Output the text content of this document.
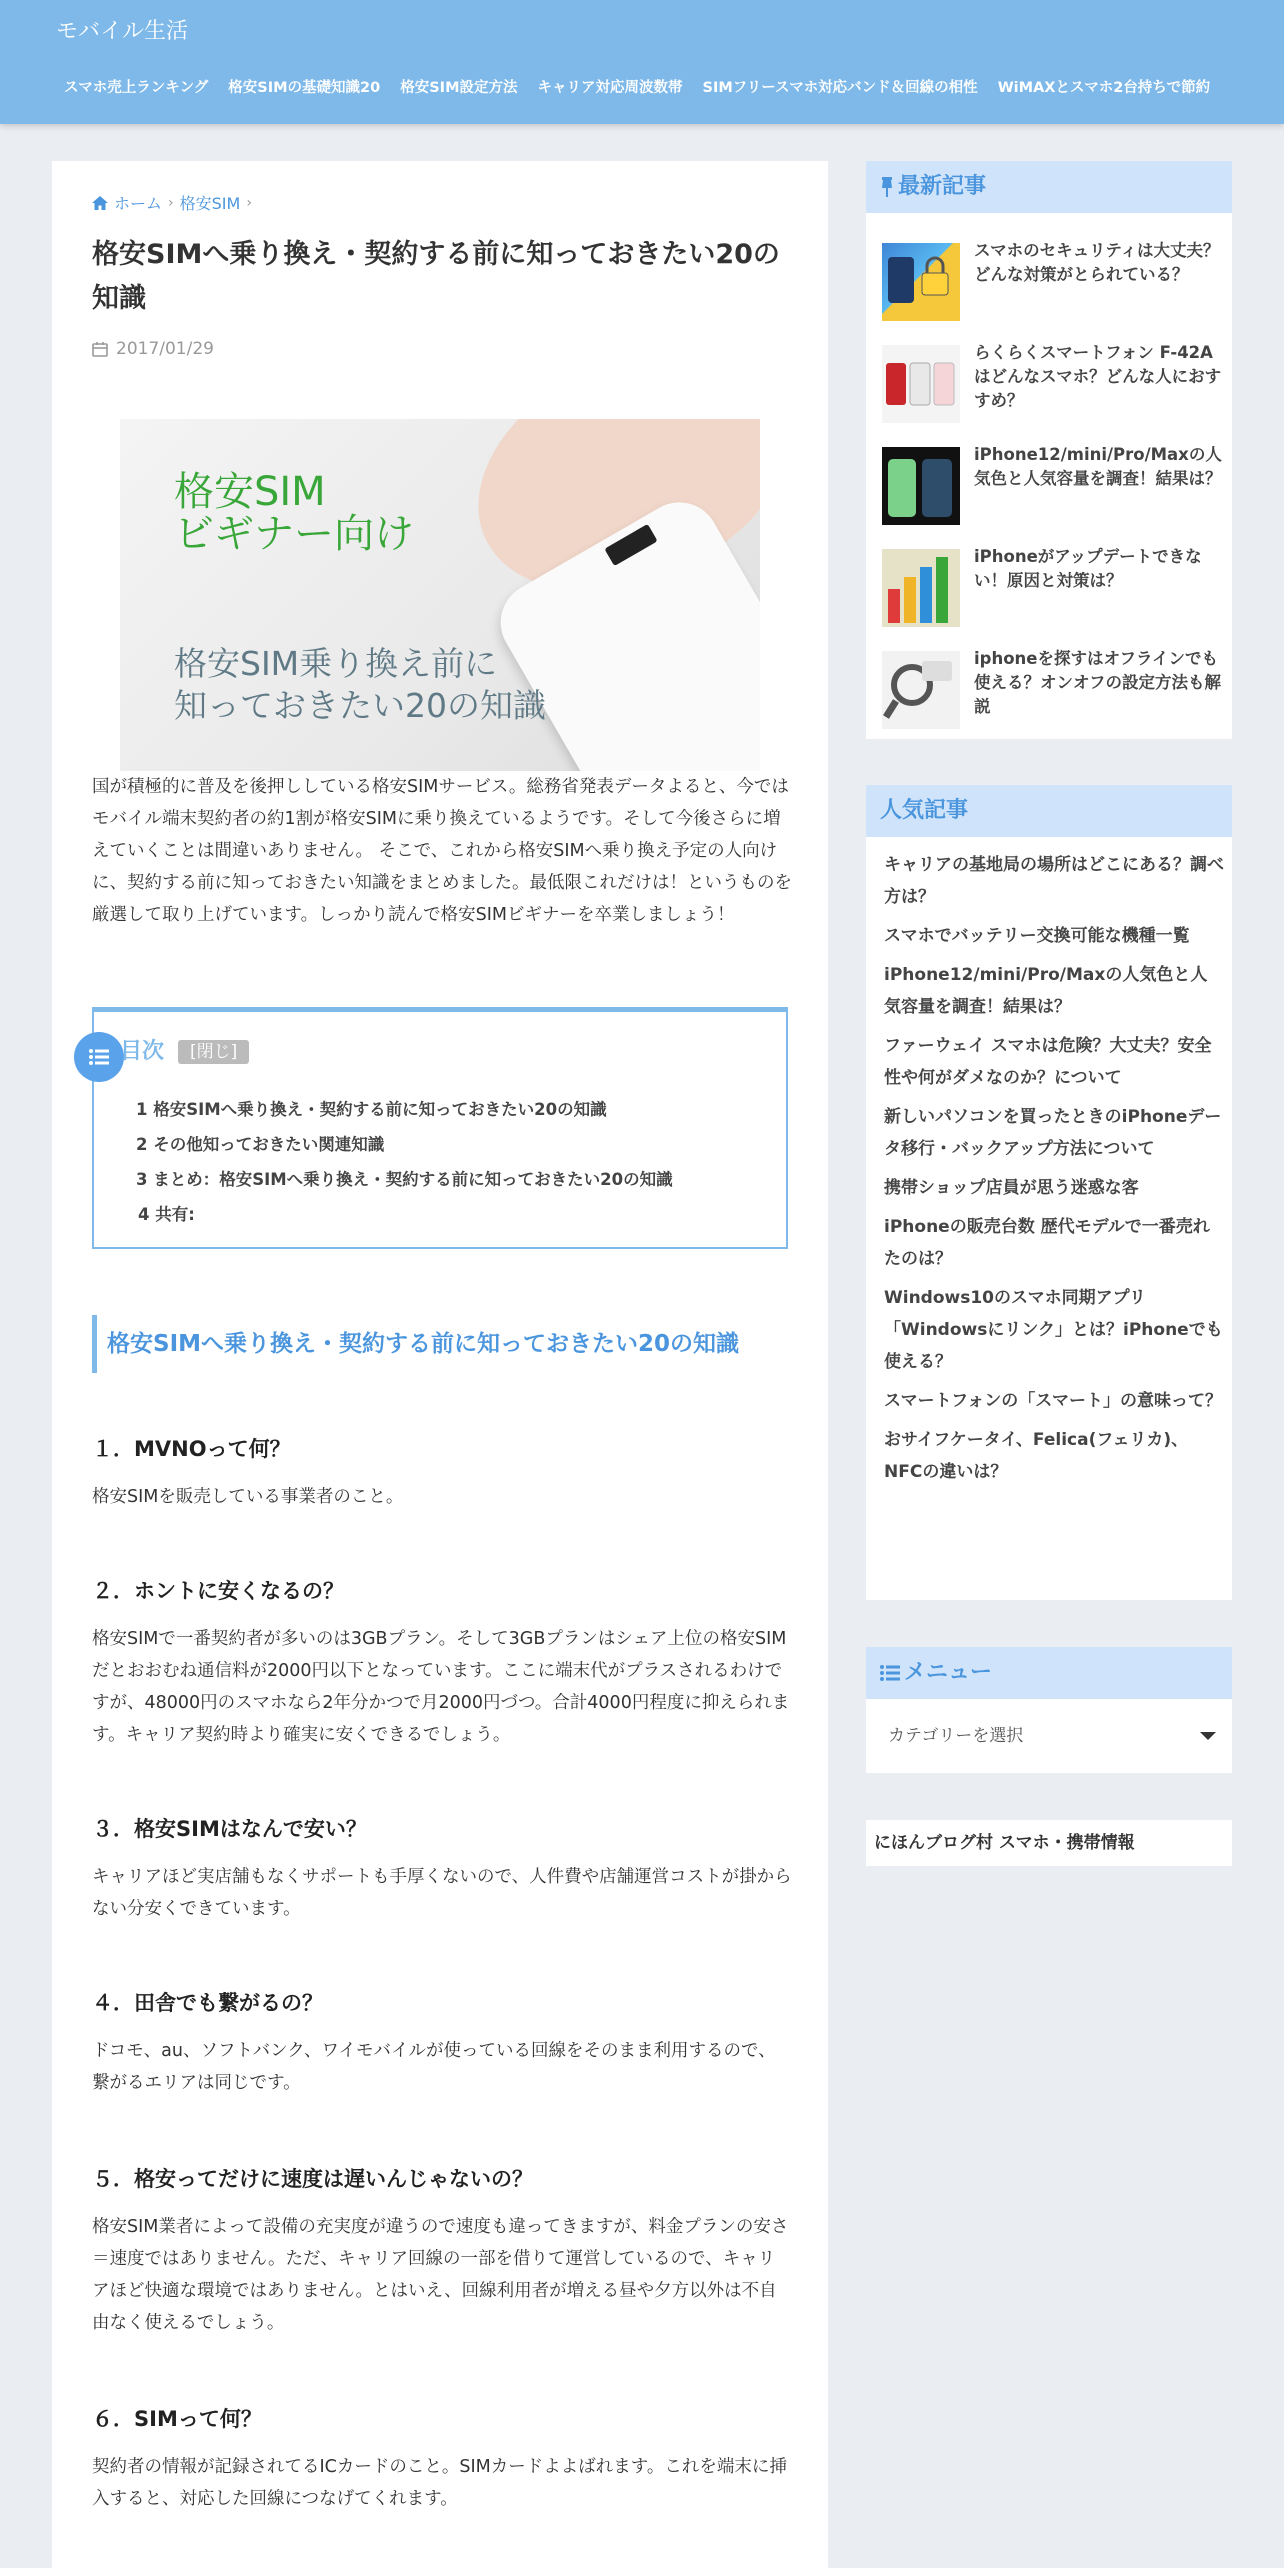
モバイル生活
スマホ売上ランキング	格安SIMの基礎知識20	格安SIM設定方法	キャリア対応周波数帯	SIMフリースマホ対応バンド＆回線の相性	WiMAXとスマホ2台持ちで節約
ホーム › 格安SIM ›
格安SIMへ乗り換え・契約する前に知っておきたい20の知識
2017/01/29
格安SIM
ビギナー向け
格安SIM乗り換え前に
知っておきたい20の知識

国が積極的に普及を後押ししている格安SIMサービス。総務省発表データよると、今ではモバイル端末契約者の約1割が格安SIMに乗り換えているようです。そして今後さらに増えていくことは間違いありません。 そこで、これから格安SIMへ乗り換え予定の人向けに、契約する前に知っておきたい知識をまとめました。最低限これだけは！というものを厳選して取り上げています。しっかり読んで格安SIMビギナーを卒業しましょう！

目次	[閉じ]
1 格安SIMへ乗り換え・契約する前に知っておきたい20の知識
2 その他知っておきたい関連知識
3 まとめ：格安SIMへ乗り換え・契約する前に知っておきたい20の知識
4 共有:
格安SIMへ乗り換え・契約する前に知っておきたい20の知識
１．MVNOって何？

格安SIMを販売している事業者のこと。

２．ホントに安くなるの？

格安SIMで一番契約者が多いのは3GBプラン。そして3GBプランはシェア上位の格安SIMだとおおむね通信料が2000円以下となっています。ここに端末代がプラスされるわけですが、48000円のスマホなら2年分かつで月2000円づつ。合計4000円程度に抑えられます。キャリア契約時より確実に安くできるでしょう。

３．格安SIMはなんで安い？

キャリアほど実店舗もなくサポートも手厚くないので、人件費や店舗運営コストが掛からない分安くできています。

４．田舎でも繋がるの？

ドコモ、au、ソフトバンク、ワイモバイルが使っている回線をそのまま利用するので、繋がるエリアは同じです。

５．格安ってだけに速度は遅いんじゃないの？

格安SIM業者によって設備の充実度が違うので速度も違ってきますが、料金プランの安さ＝速度ではありません。ただ、キャリア回線の一部を借りて運営しているので、キャリアほど快適な環境ではありません。とはいえ、回線利用者が増える昼や夕方以外は不自由なく使えるでしょう。

６．SIMって何？

契約者の情報が記録されてるICカードのこと。SIMカードよよばれます。これを端末に挿入すると、対応した回線につなげてくれます。

最新記事
スマホのセキュリティは大丈夫？どんな対策がとられている？
らくらくスマートフォン F-42Aはどんなスマホ？どんな人におすすめ？
iPhone12/mini/Pro/Maxの人気色と人気容量を調査！結果は？
iPhoneがアップデートできない！原因と対策は？
iphoneを探すはオフラインでも使える？オンオフの設定方法も解説
人気記事
キャリアの基地局の場所はどこにある？調べ方は？
スマホでバッテリー交換可能な機種一覧
iPhone12/mini/Pro/Maxの人気色と人気容量を調査！結果は？
ファーウェイ スマホは危険？大丈夫？安全性や何がダメなのか？について
新しいパソコンを買ったときのiPhoneデータ移行・バックアップ方法について
携帯ショップ店員が思う迷惑な客
iPhoneの販売台数 歴代モデルで一番売れたのは？
Windows10のスマホ同期アプリ「Windowsにリンク」とは？iPhoneでも使える？
スマートフォンの「スマート」の意味って？
おサイフケータイ、Felica(フェリカ)、NFCの違いは？
メニュー
カテゴリーを選択
にほんブログ村 スマホ・携帯情報
